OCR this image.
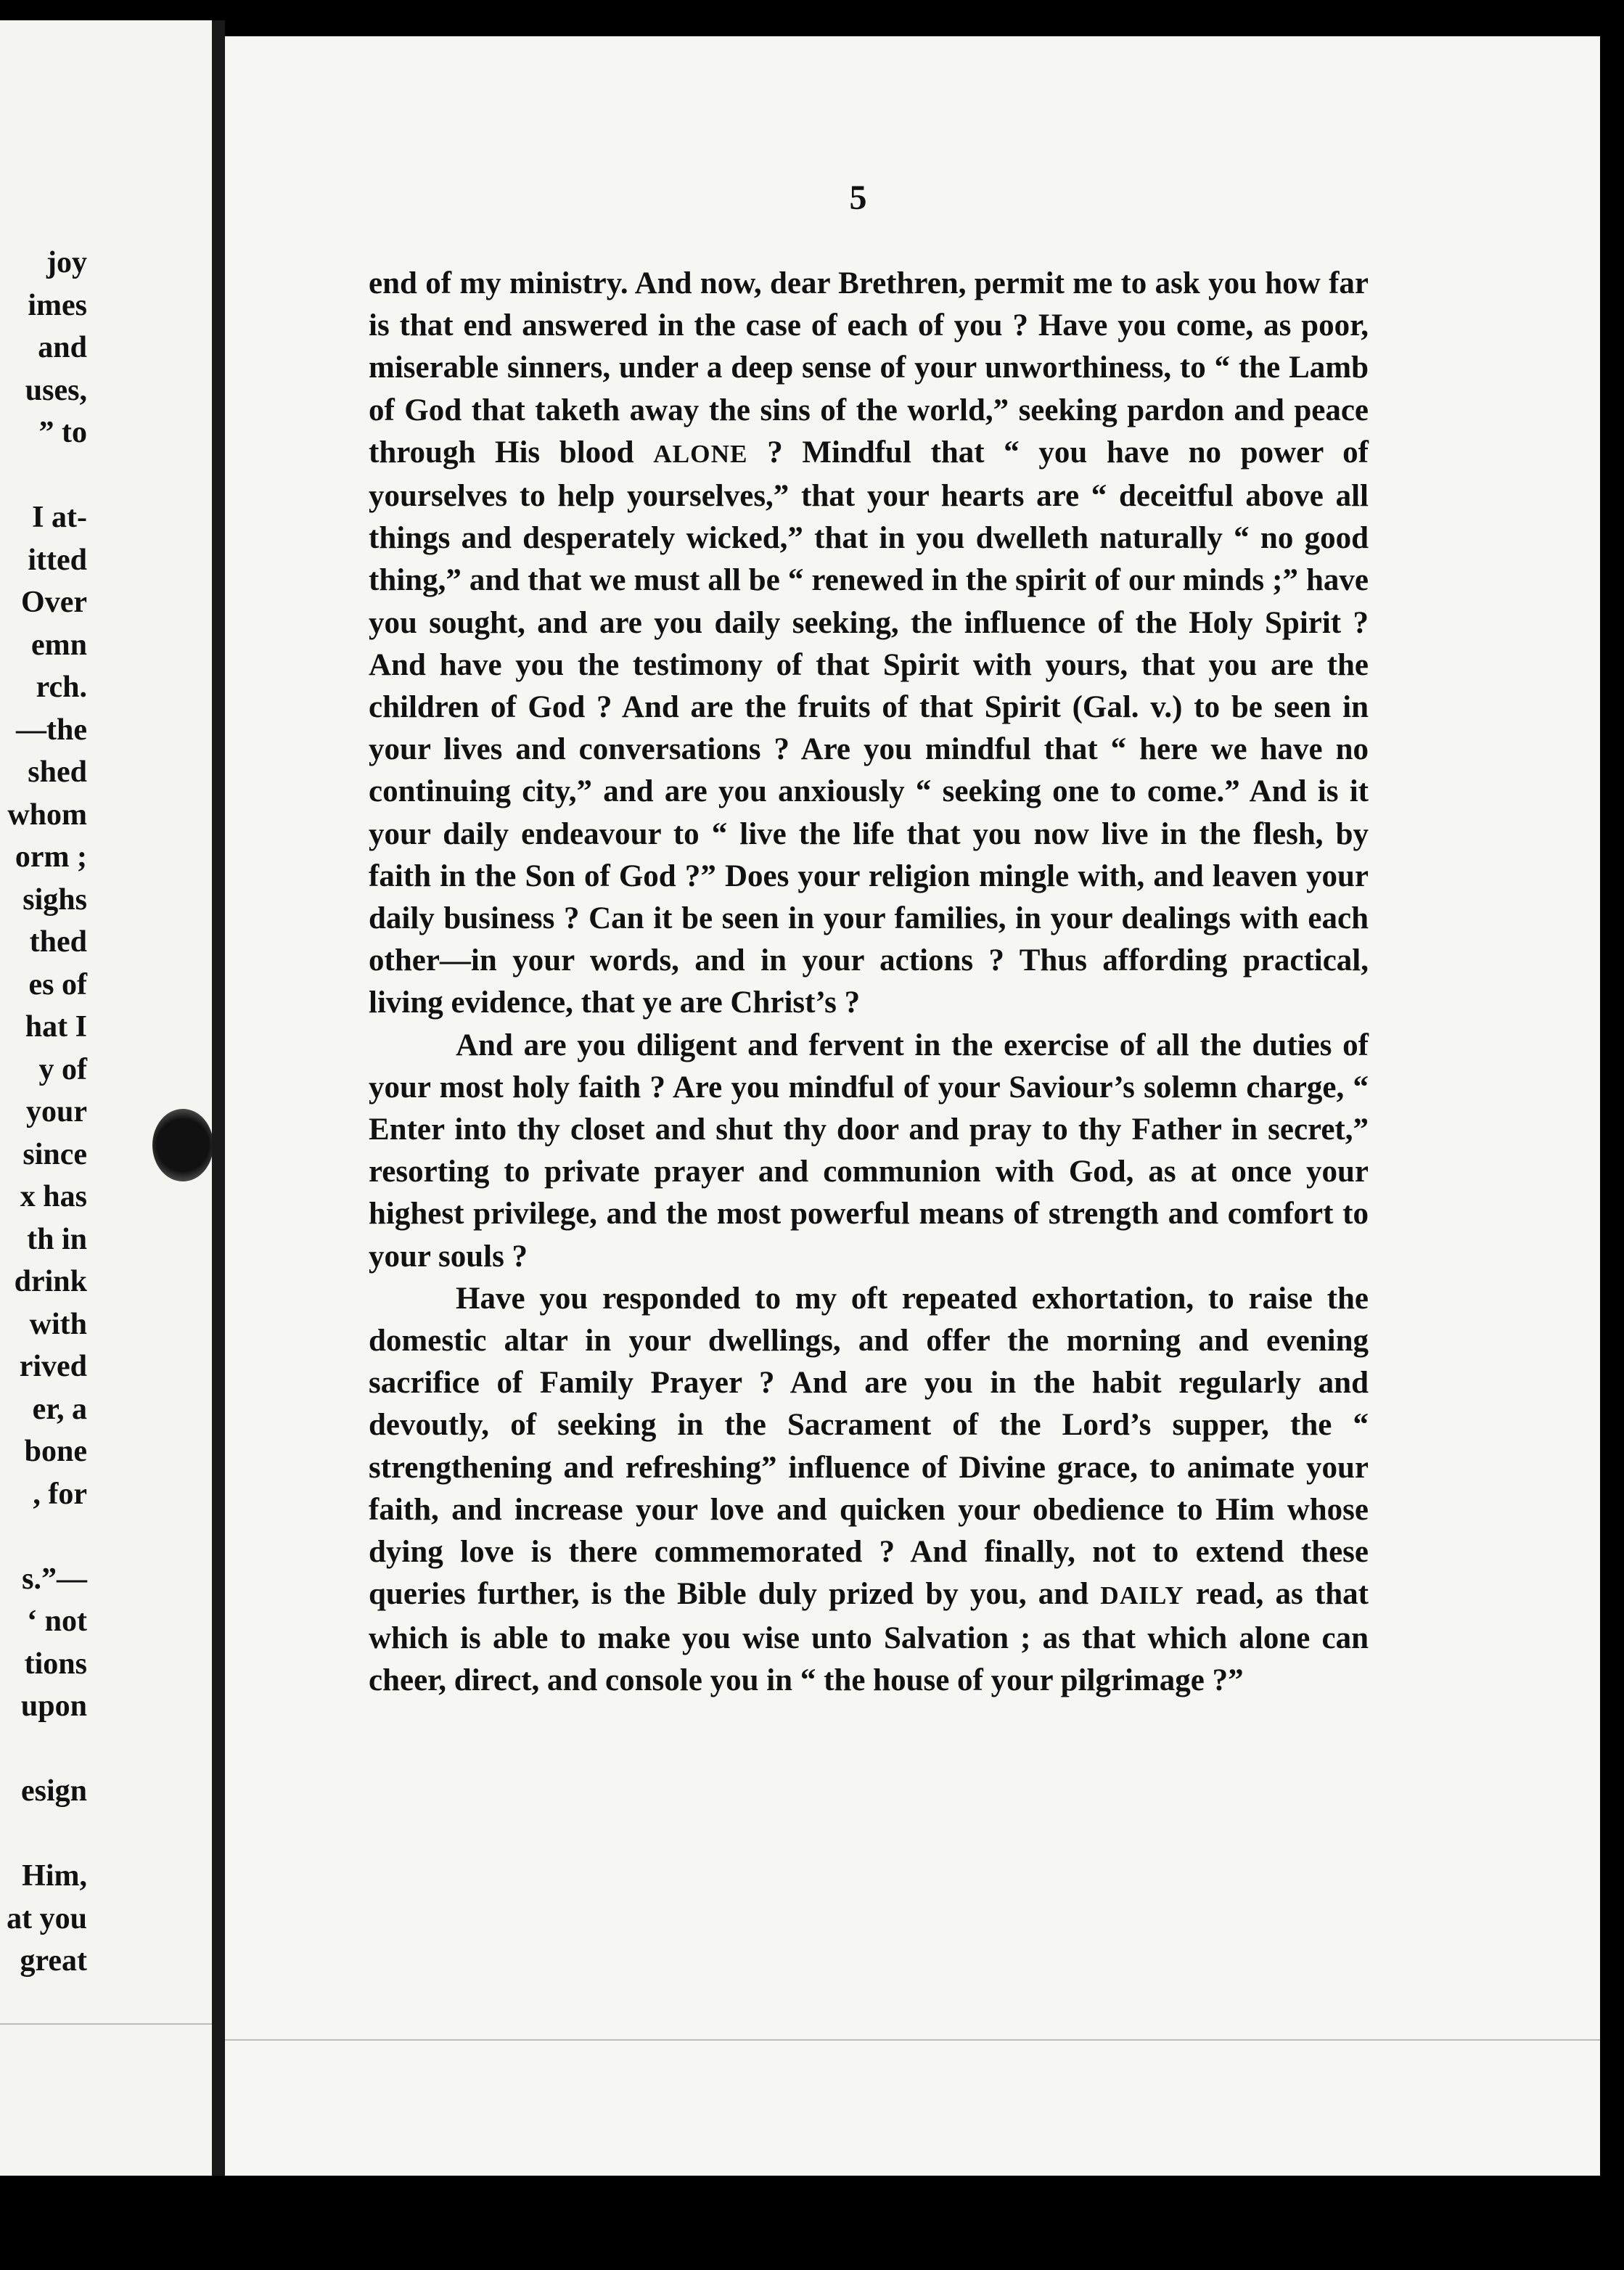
joy
imes
and
uses,
” to
I at-
itted
Over
emn
rch.
—the
shed
whom
orm ;
sighs
thed
es of
hat I
y of
your
since
x has
th in
drink
with
rived
er, a
bone
, for
s.”—
‘ not
tions
upon
esign
Him,
at you
great
5

end of my ministry. And now, dear Brethren, permit me to ask you how far is that end answered in the case of each of you ? Have you come, as poor, miserable sinners, under a deep sense of your unworthiness, to “ the Lamb of God that taketh away the sins of the world,” seeking pardon and peace through His blood ALONE ? Mindful that “ you have no power of yourselves to help yourselves,” that your hearts are “ deceitful above all things and desperately wicked,” that in you dwelleth naturally “ no good thing,” and that we must all be “ renewed in the spirit of our minds ;” have you sought, and are you daily seeking, the influence of the Holy Spirit ? And have you the testimony of that Spirit with yours, that you are the children of God ? And are the fruits of that Spirit (Gal. v.) to be seen in your lives and conversations ? Are you mindful that “ here we have no continuing city,” and are you anxiously “ seeking one to come.” And is it your daily endeavour to “ live the life that you now live in the flesh, by faith in the Son of God ?” Does your religion mingle with, and leaven your daily business ? Can it be seen in your families, in your dealings with each other—in your words, and in your actions ? Thus affording practical, living evidence, that ye are Christ’s ?

And are you diligent and fervent in the exercise of all the duties of your most holy faith ? Are you mindful of your Saviour’s solemn charge, “ Enter into thy closet and shut thy door and pray to thy Father in secret,” resorting to private prayer and communion with God, as at once your highest privilege, and the most powerful means of strength and comfort to your souls ?

Have you responded to my oft repeated exhortation, to raise the domestic altar in your dwellings, and offer the morning and evening sacrifice of Family Prayer ? And are you in the habit regularly and devoutly, of seeking in the Sacrament of the Lord’s supper, the “ strengthening and refreshing” influence of Divine grace, to animate your faith, and increase your love and quicken your obedience to Him whose dying love is there commemorated ? And finally, not to extend these queries further, is the Bible duly prized by you, and DAILY read, as that which is able to make you wise unto Salvation ; as that which alone can cheer, direct, and console you in “ the house of your pilgrimage ?”
